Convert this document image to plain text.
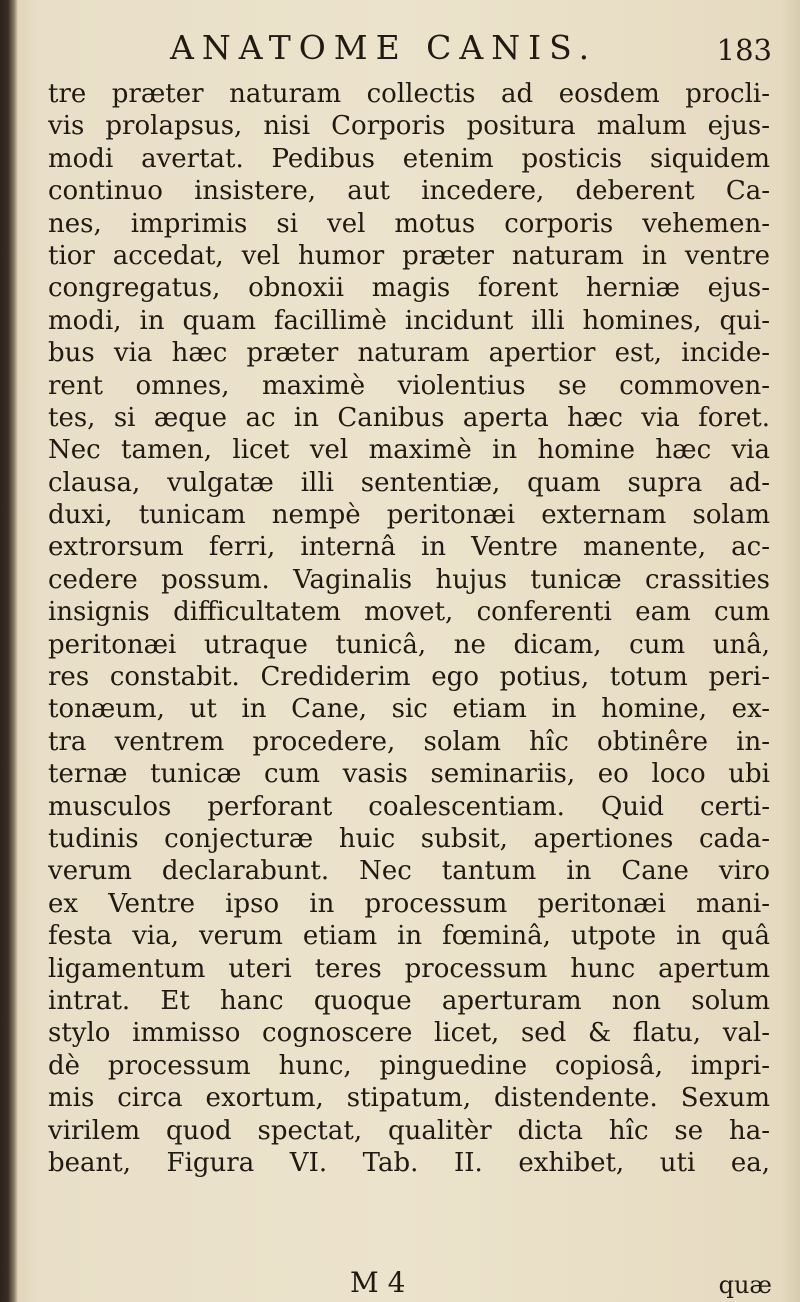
ANATOME CANIS.	183
tre præter naturam collectis ad eosdem procli-
vis prolapsus, nisi Corporis positura malum ejus-
modi avertat. Pedibus etenim posticis siquidem
continuo insistere, aut incedere, deberent Ca-
nes, imprimis si vel motus corporis vehemen-
tior accedat, vel humor præter naturam in ventre
congregatus, obnoxii magis forent herniæ ejus-
modi, in quam facillimè incidunt illi homines, qui-
bus via hæc præter naturam apertior est, incide-
rent omnes, maximè violentius se commoven-
tes, si æque ac in Canibus aperta hæc via foret.
Nec tamen, licet vel maximè in homine hæc via
clausa, vulgatæ illi sententiæ, quam supra ad-
duxi, tunicam nempè peritonæi externam solam
extrorsum ferri, internâ in Ventre manente, ac-
cedere possum. Vaginalis hujus tunicæ crassities
insignis difficultatem movet, conferenti eam cum
peritonæi utraque tunicâ, ne dicam, cum unâ,
res constabit. Crediderim ego potius, totum peri-
tonæum, ut in Cane, sic etiam in homine, ex-
tra ventrem procedere, solam hîc obtinêre in-
ternæ tunicæ cum vasis seminariis, eo loco ubi
musculos perforant coalescentiam. Quid certi-
tudinis conjecturæ huic subsit, apertiones cada-
verum declarabunt. Nec tantum in Cane viro
ex Ventre ipso in processum peritonæi mani-
festa via, verum etiam in fœminâ, utpote in quâ
ligamentum uteri teres processum hunc apertum
intrat. Et hanc quoque aperturam non solum
stylo immisso cognoscere licet, sed & flatu, val-
dè processum hunc, pinguedine copiosâ, impri-
mis circa exortum, stipatum, distendente. Sexum
virilem quod spectat, qualitèr dicta hîc se ha-
beant, Figura VI. Tab. II. exhibet, uti ea,
M 4	quæ
